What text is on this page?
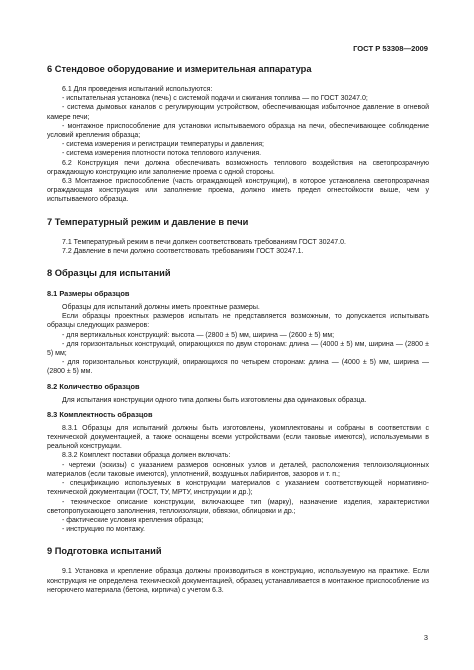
ГОСТ Р 53308—2009
6 Стендовое оборудование и измерительная аппаратура

6.1 Для проведения испытаний используются:

- испытательная установка (печь) с системой подачи и сжигания топлива — по ГОСТ 30247.0;

- система дымовых каналов с регулирующим устройством, обеспечивающая избыточное давление в огневой камере печи;

- монтажное приспособление для установки испытываемого образца на печи, обеспечивающее соблюдение условий крепления образца;

- система измерения и регистрации температуры и давления;

- система измерения плотности потока теплового излучения.

6.2 Конструкция печи должна обеспечивать возможность теплового воздействия на светопрозрачную ограждающую конструкцию или заполнение проема с одной стороны.

6.3 Монтажное приспособление (часть ограждающей конструкции), в которое установлена светопрозрачная ограждающая конструкция или заполнение проема, должно иметь предел огнестойкости выше, чем у испытываемого образца.

7 Температурный режим и давление в печи

7.1 Температурный режим в печи должен соответствовать требованиям ГОСТ 30247.0.

7.2 Давление в печи должно соответствовать требованиям ГОСТ 30247.1.

8 Образцы для испытаний
8.1 Размеры образцов

Образцы для испытаний должны иметь проектные размеры.

Если образцы проектных размеров испытать не представляется возможным, то допускается испытывать образцы следующих размеров:

- для вертикальных конструкций: высота — (2800 ± 5) мм, ширина — (2600 ± 5) мм;

- для горизонтальных конструкций, опирающихся по двум сторонам: длина — (4000 ± 5) мм, ширина — (2800 ± 5) мм;

- для горизонтальных конструкций, опирающихся по четырем сторонам: длина — (4000 ± 5) мм, ширина — (2800 ± 5) мм.

8.2 Количество образцов

Для испытания конструкции одного типа должны быть изготовлены два одинаковых образца.

8.3 Комплектность образцов

8.3.1 Образцы для испытаний должны быть изготовлены, укомплектованы и собраны в соответствии с технической документацией, а также оснащены всеми устройствами (если таковые имеются), используемыми в реальной конструкции.

8.3.2 Комплект поставки образца должен включать:

- чертежи (эскизы) с указанием размеров основных узлов и деталей, расположения теплоизоляционных материалов (если таковые имеются), уплотнений, воздушных лабиринтов, зазоров и т. п.;

- спецификацию используемых в конструкции материалов с указанием соответствующей нормативно-технической документации (ГОСТ, ТУ, МРТУ, инструкции и др.);

- техническое описание конструкции, включающее тип (марку), назначение изделия, характеристики светопропускающего заполнения, теплоизоляции, обвязки, облицовки и др.;

- фактические условия крепления образца;

- инструкцию по монтажу.

9 Подготовка испытаний

9.1 Установка и крепление образца должны производиться в конструкцию, используемую на практике. Если конструкция не определена технической документацией, образец устанавливается в монтажное приспособление из негорючего материала (бетона, кирпича) с учетом 6.3.

3
